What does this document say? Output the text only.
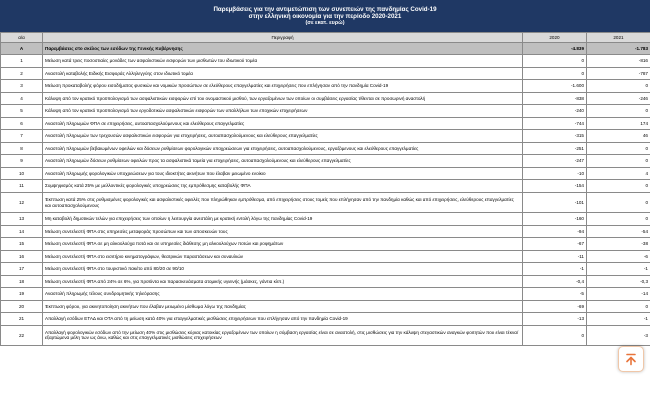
Παρεμβάσεις για την αντιμετώπιση των συνεπειών της πανδημίας Covid-19
στην ελληνική οικονομία για την περίοδο 2020-2021
(σε εκατ. ευρώ)
α/α	Περιγραφή	2020	2021
A	Παρεμβάσεις στο σκέλος των εσόδων της Γενικής Κυβέρνησης	-4.839	-1.783
1	Μείωση κατά τρεις ποσοστιαίες μονάδες των ασφαλιστικών εισφορών των μισθωτών του ιδιωτικού τομέα	0	-816
2	Αναστολή καταβολής Ειδικής Εισφοράς Αλληλεγγύης στον ιδιωτικό τομέα	0	-787
3	Μείωση προκαταβολής φόρου εισοδήματος φυσικών και νομικών προσώπων σε ελεύθερους επαγγελματίες και επιχειρήσεις που επλήγησαν από την πανδημία Covid-19	-1.600	0
4	Κάλυψη από τον κρατικό προϋπολογισμό των ασφαλιστικών εισφορών επί του ονομαστικού μισθού, των εργαζομένων των οποίων οι συμβάσεις εργασίας τίθενται σε προσωρινή αναστολή	-838	-246
5	Κάλυψη από τον κρατικό προϋπολογισμό των εργοδοτικών ασφαλιστικών εισφορών των υπαλλήλων των εποχικών επιχειρήσεων	-240	0
6	Αναστολή πληρωμών ΦΠΑ σε επιχειρήσεις, αυτοαπασχολούμενους και ελεύθερους επαγγελματίες	-744	174
7	Αναστολή πληρωμών των τρεχουσών ασφαλιστικών εισφορών για επιχειρήσεις, αυτοαπασχολούμενους και ελεύθερους επαγγελματίες	-315	46
8	Αναστολή πληρωμών βεβαιωμένων οφειλών και δόσεων ρυθμίσεων φορολογικών υποχρεώσεων για επιχειρήσεις, αυτοαπασχολούμενους, εργαζόμενους και ελεύθερους επαγγελματίες	-251	0
9	Αναστολή πληρωμών δόσεων ρυθμίσεων οφειλών προς τα ασφαλιστικά ταμεία για επιχειρήσεις, αυτοαπασχολούμενους και ελεύθερους επαγγελματίες	-247	0
10	Αναστολή πληρωμής φορολογικών υποχρεώσεων για τους ιδιοκτήτες ακινήτων που έλαβαν μειωμένο ενοίκιο	-10	4
11	Συμψηφισμός κατά 25% με μελλοντικές φορολογικές υποχρεώσεις της εμπρόθεσμης καταβολής ΦΠΑ	-154	0
12	Έκπτωση κατά 25% στις ρυθμισμένες φορολογικές και ασφαλιστικές οφειλές που πληρώθηκαν εμπρόθεσμα, από επιχειρήσεις στους τομείς που επλήγησαν από την πανδημία καθώς και από επιχειρήσεις, ελεύθερους επαγγελματίες και αυτοαπασχολούμενους	-101	0
13	Μη καταβολή δημοτικών τελών για επιχειρήσεις των οποίων η λειτουργία ανεστάλη με κρατική εντολή λόγω της πανδημίας Covid-19	-160	0
14	Μείωση συντελεστή ΦΠΑ στις υπηρεσίες μεταφοράς προσώπων και των αποσκευών τους	-94	-54
15	Μείωση συντελεστή ΦΠΑ σε μη αλκοολούχα ποτά και σε υπηρεσίες διάθεσης μη αλκοολούχων ποτών και ροφημάτων	-67	-38
16	Μείωση συντελεστή ΦΠΑ στο εισιτήριο κινηματογράφων, θεατρικών παραστάσεων και συναυλιών	-11	-6
17	Μείωση συντελεστή ΦΠΑ στο τουριστικό πακέτο από 80/20 σε 90/10	-1	-1
18	Μείωση συντελεστή ΦΠΑ από 24% σε 6%, για προϊόντα και παρασκευάσματα ατομικής υγιεινής (μάσκες, γάντια κλπ.)	-0,4	-0,3
19	Αναστολή πληρωμής τέλους συνδρομητικής τηλεόρασης	-5	-14
20	Έκπτωση φόρου, για ακινητοποίηση ακινήτων που έλαβαν μειωμένο μίσθωμα λόγω της πανδημίας	-69	0
21	Απαλλαγή εσόδων ΕΤΑΔ και ΟΤΑ από τη μείωση κατά 40% για επαγγελματικές μισθώσεις επιχειρήσεων που επλήγησαν από την πανδημία Covid-19	-13	-1
22	Απαλλαγή φορολογικών εσόδων από την μείωση 40% στις μισθώσεις κύριας κατοικίας εργαζομένων των οποίων η σύμβαση εργασίας είναι σε αναστολή, στις μισθώσεις για την κάλυψη στεγαστικών αναγκών φοιτητών που είναι τέκνα/εξαρτώμενα μέλη των ως άνω, καθώς και στις επαγγελματικές μισθώσεις επιχειρήσεων	0	-3
